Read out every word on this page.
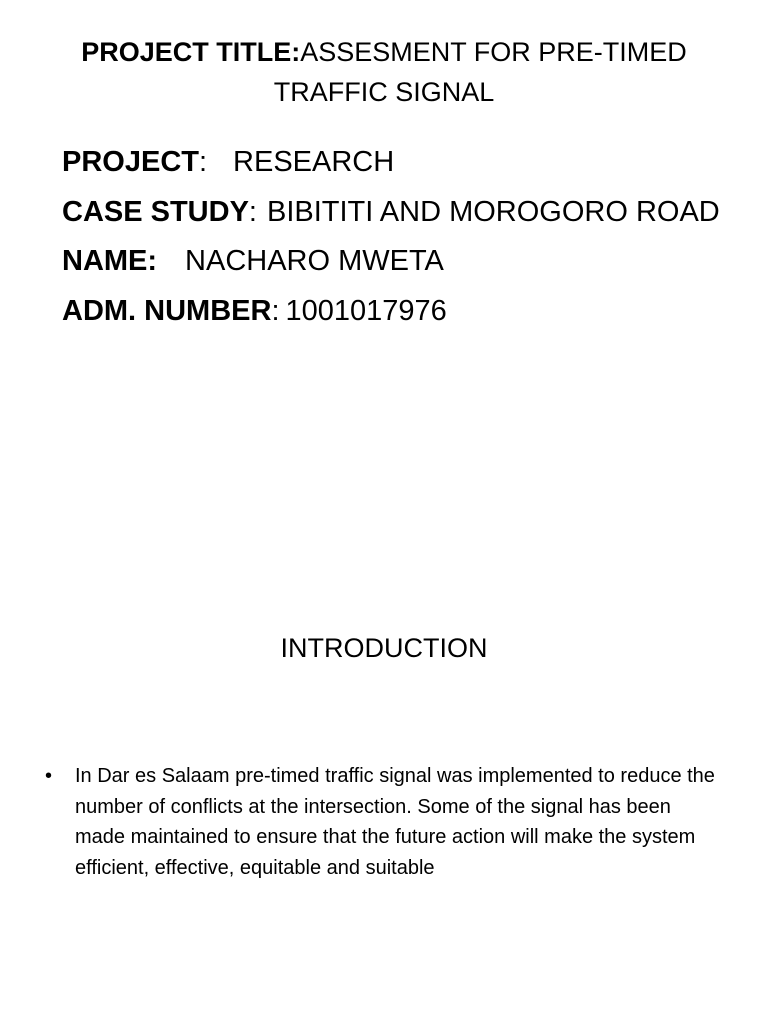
PROJECT TITLE:ASSESMENT FOR PRE-TIMED TRAFFIC SIGNAL
PROJECT: RESEARCH
CASE STUDY: BIBITITI AND MOROGORO ROAD
NAME: NACHARO MWETA
ADM. NUMBER: 1001017976
INTRODUCTION
• In Dar es Salaam pre-timed traffic signal was implemented to reduce the number of conflicts at the intersection. Some of the signal has been made maintained to ensure that the future action will make the system efficient, effective, equitable and suitable
